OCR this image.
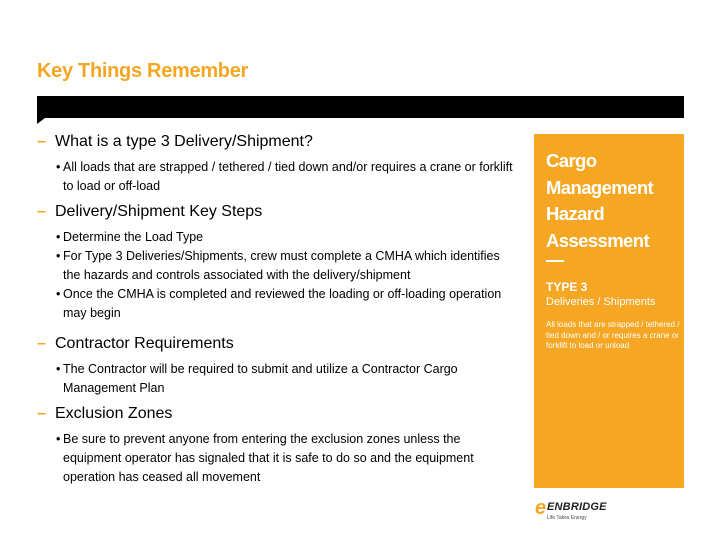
Key Things Remember
– What is a type 3 Delivery/Shipment?
• All loads that are strapped / tethered / tied down and/or requires a crane or forklift to load or off-load
– Delivery/Shipment Key Steps
• Determine the Load Type
• For Type 3 Deliveries/Shipments, crew must complete a CMHA which identifies the hazards and controls associated with the delivery/shipment
• Once the CMHA is completed and reviewed the loading or off-loading operation may begin
– Contractor Requirements
• The Contractor will be required to submit and utilize a Contractor Cargo Management Plan
– Exclusion Zones
• Be sure to prevent anyone from entering the exclusion zones unless the equipment operator has signaled that it is safe to do so and the equipment operation has ceased all movement
Cargo Management Hazard Assessment
TYPE 3
Deliveries / Shipments
All loads that are strapped / tethered / tied down and / or requires a crane or forklift to load or unload
e ENBRIDGE
Life Takes Energy
